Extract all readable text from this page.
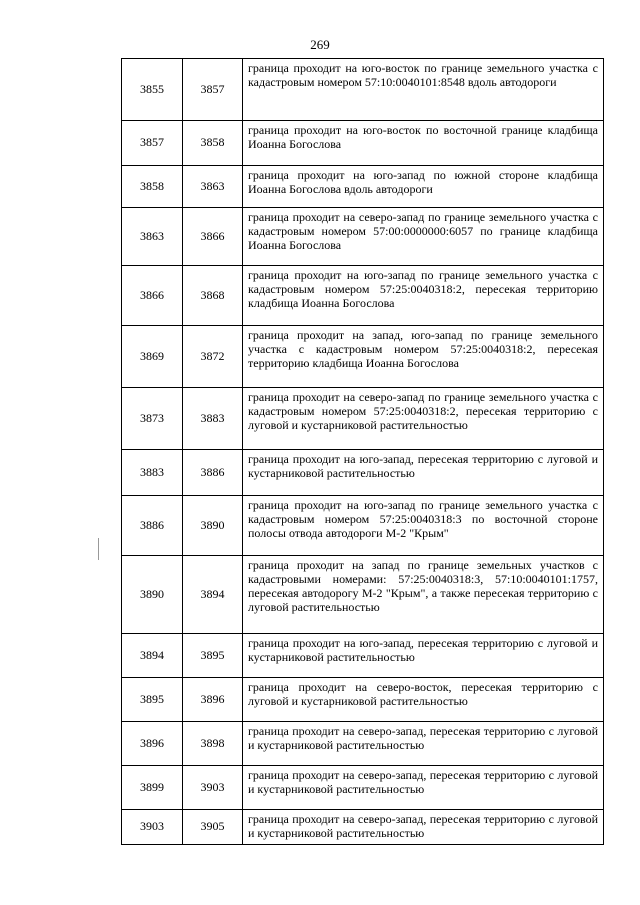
269
3855	3857	граница проходит на юго-восток по границе земельного участка с кадастровым номером 57:10:0040101:8548 вдоль автодороги
3857	3858	граница проходит на юго-восток по восточной границе кладбища Иоанна Богослова
3858	3863	граница проходит на юго-запад по южной стороне кладбища Иоанна Богослова вдоль автодороги
3863	3866	граница проходит на северо-запад по границе земельного участка с кадастровым номером 57:00:0000000:6057 по границе кладбища Иоанна Богослова
3866	3868	граница проходит на юго-запад по границе земельного участка с кадастровым номером 57:25:0040318:2, пересекая территорию кладбища Иоанна Богослова
3869	3872	граница проходит на запад, юго-запад по границе земельного участка с кадастровым номером 57:25:0040318:2, пересекая территорию кладбища Иоанна Богослова
3873	3883	граница проходит на северо-запад по границе земельного участка с кадастровым номером 57:25:0040318:2, пересекая территорию с луговой и кустарниковой растительностью
3883	3886	граница проходит на юго-запад, пересекая территорию с луговой и кустарниковой растительностью
3886	3890	граница проходит на юго-запад по границе земельного участка с кадастровым номером 57:25:0040318:3 по восточной стороне полосы отвода автодороги М-2 "Крым"
3890	3894	граница проходит на запад по границе земельных участков с кадастровыми номерами: 57:25:0040318:3, 57:10:0040101:1757, пересекая автодорогу М-2 "Крым", а также пересекая территорию с луговой растительностью
3894	3895	граница проходит на юго-запад, пересекая территорию с луговой и кустарниковой растительностью
3895	3896	граница проходит на северо-восток, пересекая территорию с луговой и кустарниковой растительностью
3896	3898	граница проходит на северо-запад, пересекая территорию с луговой и кустарниковой растительностью
3899	3903	граница проходит на северо-запад, пересекая территорию с луговой и кустарниковой растительностью
3903	3905	граница проходит на северо-запад, пересекая территорию с луговой и кустарниковой растительностью
